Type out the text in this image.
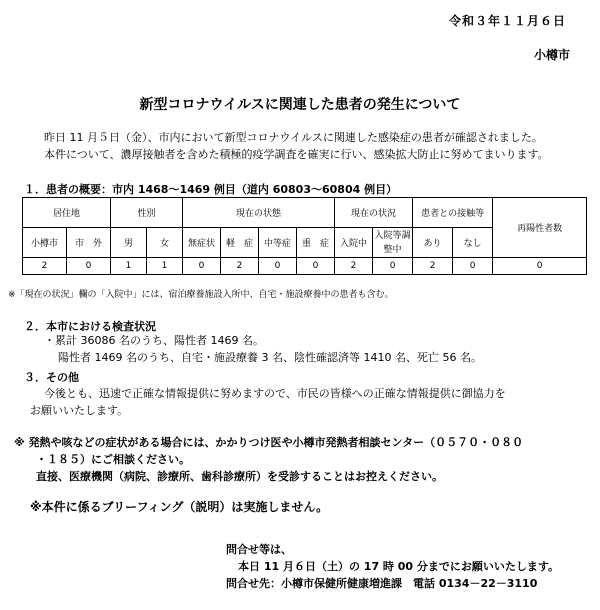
令和３年１１月６日
小樽市
新型コロナウイルスに関連した患者の発生について
昨日 11 月５日（金）、市内において新型コロナウイルスに関連した感染症の患者が確認されました。
本件について、濃厚接触者を含めた積極的疫学調査を確実に行い、感染拡大防止に努めてまいります。
１．患者の概要：市内 1468～1469 例目（道内 60803～60804 例目）
居住地		性別		現在の状態				現在の状況		患者との接触等		再陽性者数
小樽市	市　外	男	女	無症状	軽　症	中等症	重　症	入院中	入院等調整中	あり	なし	
2	0	1	1	0	2	0	0	2	0	2	0	0
※「現在の状況」欄の「入院中」には、宿泊療養施設入所中、自宅・施設療養中の患者も含む。
２．本市における検査状況
・累計 36086 名のうち、陽性者 1469 名。
陽性者 1469 名のうち、自宅・施設療養 3 名、陰性確認済等 1410 名、死亡 56 名。
３．その他
今後とも、迅速で正確な情報提供に努めますので、市民の皆様への正確な情報提供に御協力を
お願いいたします。
※ 発熱や咳などの症状がある場合には、かかりつけ医や小樽市発熱者相談センター（０５７０・０８０
・１８５）にご相談ください。
直接、医療機関（病院、診療所、歯科診療所）を受診することはお控えください。
※本件に係るブリーフィング（説明）は実施しません。
問合せ等は、
本日 11 月６日（土）の 17 時 00 分までにお願いいたします。
問合せ先：小樽市保健所健康増進課　電話 0134－22－3110
